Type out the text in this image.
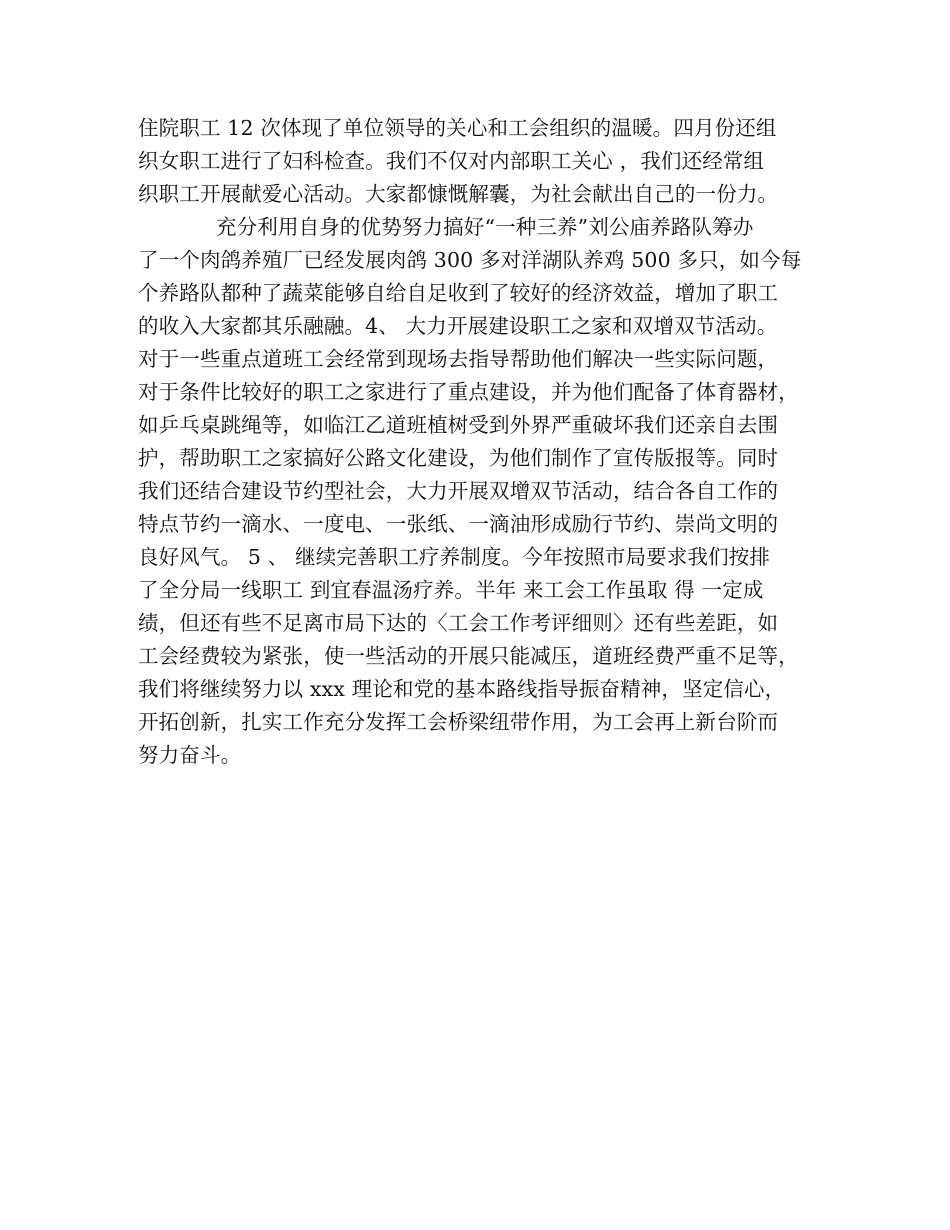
住院职工 12 次体现了单位领导的关心和工会组织的温暖。四月份还组
织女职工进行了妇科检查。我们不仅对内部职工关心 ，我们还经常组
织职工开展献爱心活动。大家都慷慨解囊，为社会献出自己的一份力。
充分利用自身的优势努力搞好“一种三养”刘公庙养路队筹办
了一个肉鸽养殖厂已经发展肉鸽 300 多对洋湖队养鸡 500 多只，如今每
个养路队都种了蔬菜能够自给自足收到了较好的经济效益，增加了职工
的收入大家都其乐融融。4、 大力开展建设职工之家和双增双节活动。
对于一些重点道班工会经常到现场去指导帮助他们解决一些实际问题，
对于条件比较好的职工之家进行了重点建设，并为他们配备了体育器材，
如乒乓桌跳绳等，如临江乙道班植树受到外界严重破坏我们还亲自去围
护，帮助职工之家搞好公路文化建设，为他们制作了宣传版报等。同时
我们还结合建设节约型社会，大力开展双增双节活动，结合各自工作的
特点节约一滴水、一度电、一张纸、一滴油形成励行节约、崇尚文明的
良好风气。 5 、 继续完善职工疗养制度。今年按照市局要求我们按排
了全分局一线职工 到宜春温汤疗养。半年 来工会工作虽取 得 一定成
绩，但还有些不足离市局下达的〈工会工作考评细则〉还有些差距，如
工会经费较为紧张，使一些活动的开展只能减压，道班经费严重不足等，
我们将继续努力以 xxx 理论和党的基本路线指导振奋精神，坚定信心，
开拓创新，扎实工作充分发挥工会桥梁纽带作用，为工会再上新台阶而
努力奋斗。
